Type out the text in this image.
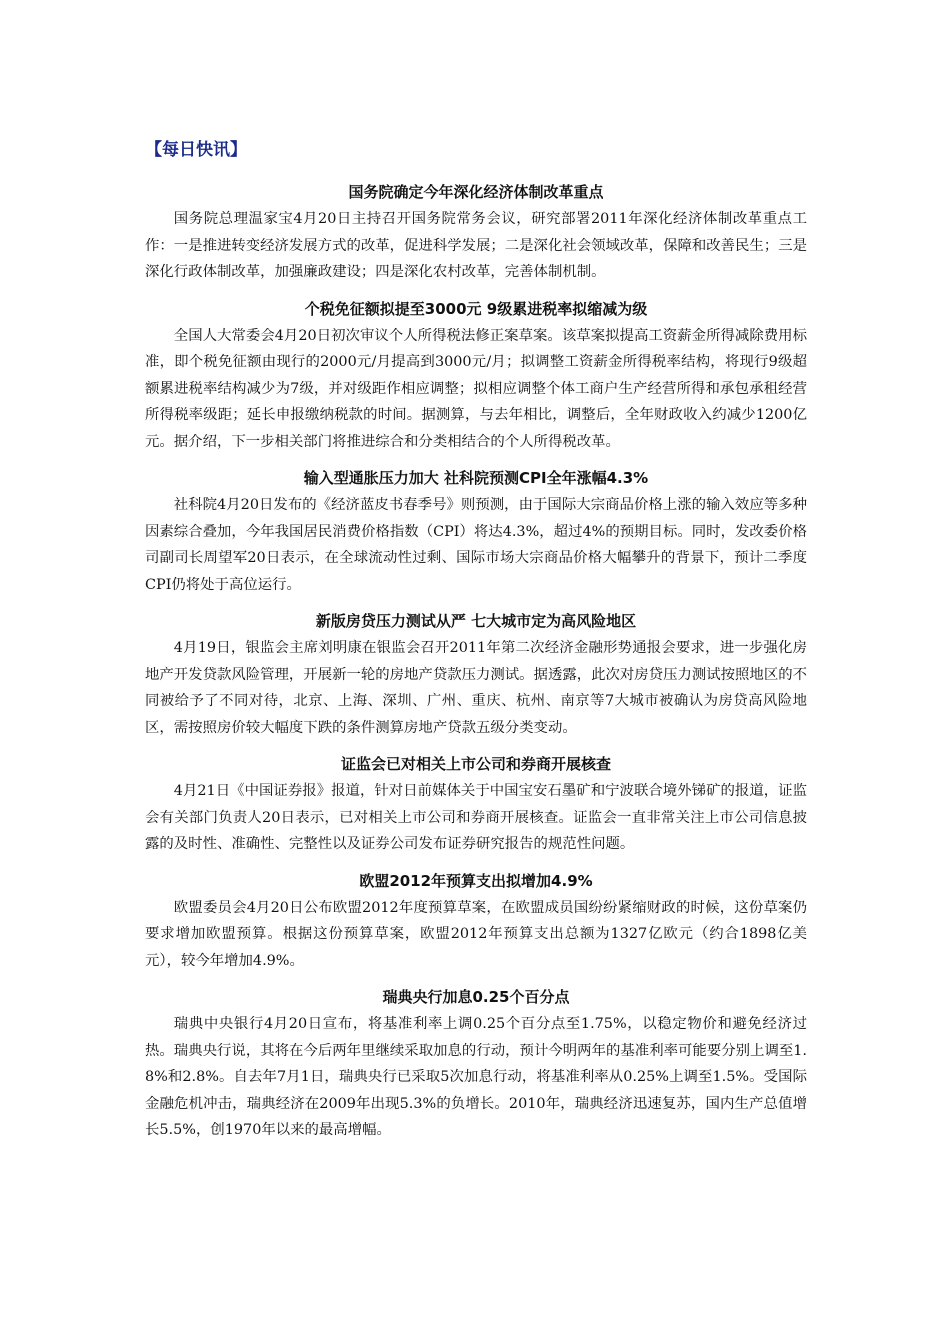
【每日快讯】

国务院确定今年深化经济体制改革重点

国务院总理温家宝4月20日主持召开国务院常务会议，研究部署2011年深化经济体制改革重点工作：一是推进转变经济发展方式的改革，促进科学发展；二是深化社会领域改革，保障和改善民生；三是深化行政体制改革，加强廉政建设；四是深化农村改革，完善体制机制。

个税免征额拟提至3000元 9级累进税率拟缩减为级

全国人大常委会4月20日初次审议个人所得税法修正案草案。该草案拟提高工资薪金所得减除费用标准，即个税免征额由现行的2000元/月提高到3000元/月；拟调整工资薪金所得税率结构，将现行9级超额累进税率结构减少为7级，并对级距作相应调整；拟相应调整个体工商户生产经营所得和承包承租经营所得税率级距；延长申报缴纳税款的时间。据测算，与去年相比，调整后，全年财政收入约减少1200亿元。据介绍，下一步相关部门将推进综合和分类相结合的个人所得税改革。

输入型通胀压力加大 社科院预测CPI全年涨幅4.3%

社科院4月20日发布的《经济蓝皮书春季号》则预测，由于国际大宗商品价格上涨的输入效应等多种因素综合叠加，今年我国居民消费价格指数（CPI）将达4.3%，超过4%的预期目标。同时，发改委价格司副司长周望军20日表示，在全球流动性过剩、国际市场大宗商品价格大幅攀升的背景下，预计二季度CPI仍将处于高位运行。

新版房贷压力测试从严 七大城市定为高风险地区

4月19日，银监会主席刘明康在银监会召开2011年第二次经济金融形势通报会要求，进一步强化房地产开发贷款风险管理，开展新一轮的房地产贷款压力测试。据透露，此次对房贷压力测试按照地区的不同被给予了不同对待，北京、上海、深圳、广州、重庆、杭州、南京等7大城市被确认为房贷高风险地区，需按照房价较大幅度下跌的条件测算房地产贷款五级分类变动。

证监会已对相关上市公司和券商开展核查

4月21日《中国证券报》报道，针对日前媒体关于中国宝安石墨矿和宁波联合境外锑矿的报道，证监会有关部门负责人20日表示，已对相关上市公司和券商开展核查。证监会一直非常关注上市公司信息披露的及时性、准确性、完整性以及证券公司发布证券研究报告的规范性问题。

欧盟2012年预算支出拟增加4.9%

欧盟委员会4月20日公布欧盟2012年度预算草案，在欧盟成员国纷纷紧缩财政的时候，这份草案仍要求增加欧盟预算。根据这份预算草案，欧盟2012年预算支出总额为1327亿欧元（约合1898亿美元），较今年增加4.9%。

瑞典央行加息0.25个百分点

瑞典中央银行4月20日宣布，将基准利率上调0.25个百分点至1.75%，以稳定物价和避免经济过热。瑞典央行说，其将在今后两年里继续采取加息的行动，预计今明两年的基准利率可能要分别上调至1.8%和2.8%。自去年7月1日，瑞典央行已采取5次加息行动，将基准利率从0.25%上调至1.5%。受国际金融危机冲击，瑞典经济在2009年出现5.3%的负增长。2010年，瑞典经济迅速复苏，国内生产总值增长5.5%，创1970年以来的最高增幅。
